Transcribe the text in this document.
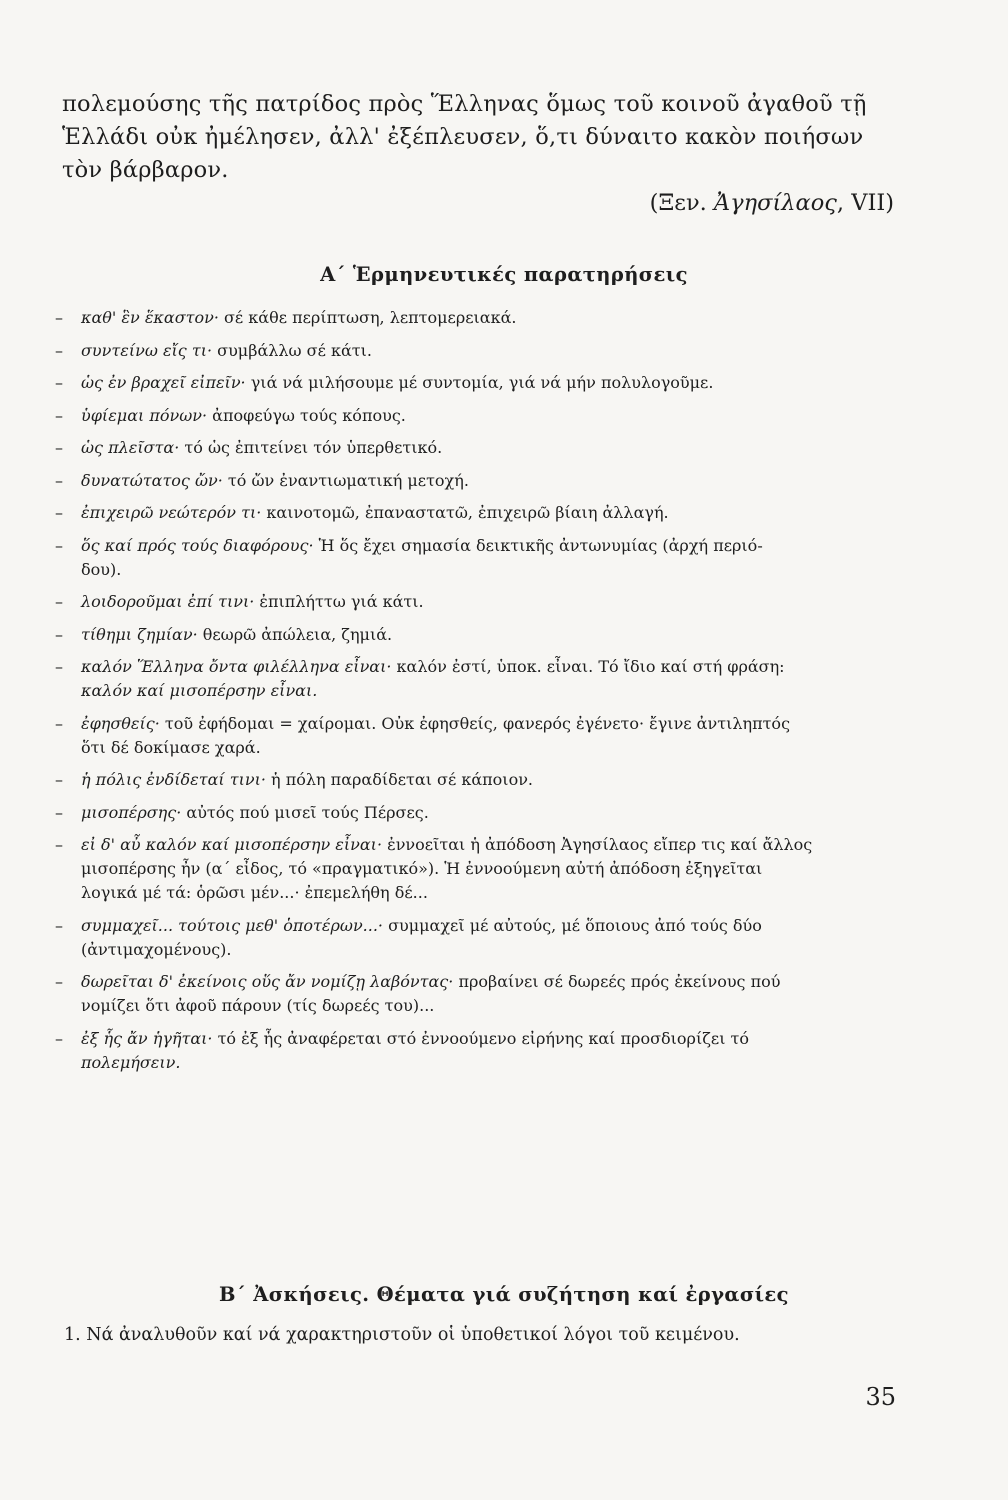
πολεμούσης τῆς πατρίδος πρὸς Ἕλληνας ὅμως τοῦ κοινοῦ ἀγαθοῦ τῇ
Ἑλλάδι οὐκ ἠμέλησεν, ἀλλ' ἐξέπλευσεν, ὅ,τι δύναιτο κακὸν ποιήσων
τὸν βάρβαρον.
(Ξεν. Ἀγησίλαος, VII)
Α΄ Ἑρμηνευτικές παρατηρήσεις
– καθ' ἓν ἕκαστον· σέ κάθε περίπτωση, λεπτομερειακά.
– συντείνω εἴς τι· συμβάλλω σέ κάτι.
– ὡς ἐν βραχεῖ εἰπεῖν· γιά νά μιλήσουμε μέ συντομία, γιά νά μήν πολυλογοῦμε.
– ὑφίεμαι πόνων· ἀποφεύγω τούς κόπους.
– ὡς πλεῖστα· τό ὡς ἐπιτείνει τόν ὑπερθετικό.
– δυνατώτατος ὤν· τό ὤν ἐναντιωματική μετοχή.
– ἐπιχειρῶ νεώτερόν τι· καινοτομῶ, ἐπαναστατῶ, ἐπιχειρῶ βίαιη ἀλλαγή.
– ὅς καί πρός τούς διαφόρους· Ἡ ὅς ἔχει σημασία δεικτικῆς ἀντωνυμίας (ἀρχή περιό-
δου).
– λοιδοροῦμαι ἐπί τινι· ἐπιπλήττω γιά κάτι.
– τίθημι ζημίαν· θεωρῶ ἀπώλεια, ζημιά.
– καλόν Ἕλληνα ὄντα φιλέλληνα εἶναι· καλόν ἐστί, ὑποκ. εἶναι. Τό ἴδιο καί στή φράση:
καλόν καί μισοπέρσην εἶναι.
– ἐφησθείς· τοῦ ἐφήδομαι = χαίρομαι. Οὐκ ἐφησθείς, φανερός ἐγένετο· ἔγινε ἀντιληπτός
ὅτι δέ δοκίμασε χαρά.
– ἡ πόλις ἐνδίδεταί τινι· ἡ πόλη παραδίδεται σέ κάποιον.
– μισοπέρσης· αὐτός πού μισεῖ τούς Πέρσες.
– εἰ δ' αὖ καλόν καί μισοπέρσην εἶναι· ἐννοεῖται ἡ ἀπόδοση Ἀγησίλαος εἴπερ τις καί ἄλλος
μισοπέρσης ἦν (α΄ εἶδος, τό «πραγματικό»). Ἡ ἐννοούμενη αὐτή ἀπόδοση ἐξηγεῖται
λογικά μέ τά: ὁρῶσι μέν...· ἐπεμελήθη δέ...
– συμμαχεῖ... τούτοις μεθ' ὁποτέρων...· συμμαχεῖ μέ αὐτούς, μέ ὅποιους ἀπό τούς δύο
(ἀντιμαχομένους).
– δωρεῖται δ' ἐκείνοις οὕς ἄν νομίζῃ λαβόντας· προβαίνει σέ δωρεές πρός ἐκείνους πού
νομίζει ὅτι ἀφοῦ πάρουν (τίς δωρεές του)...
– ἐξ ἧς ἄν ἡγῆται· τό ἐξ ἧς ἀναφέρεται στό ἐννοούμενο εἰρήνης καί προσδιορίζει τό
πολεμήσειν.
Β΄ Ἀσκήσεις. Θέματα γιά συζήτηση καί ἐργασίες
1. Νά ἀναλυθοῦν καί νά χαρακτηριστοῦν οἱ ὑποθετικοί λόγοι τοῦ κειμένου.
35
